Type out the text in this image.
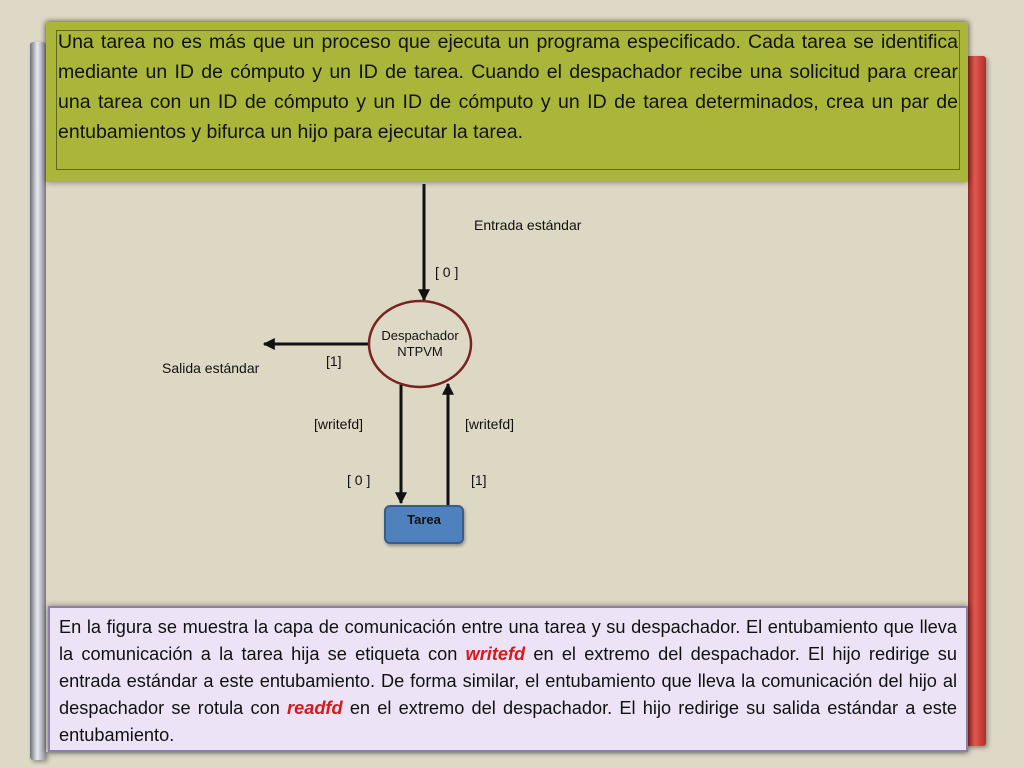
Una tarea no es más que un proceso que ejecuta un programa especificado. Cada tarea se identifica mediante un ID de cómputo y un ID de tarea. Cuando el despachador recibe una solicitud para crear una tarea con un ID de cómputo y un ID de cómputo y un ID de tarea determinados, crea un par de entubamientos y bifurca un hijo para ejecutar la tarea.
Despachador
NTPVM
Entrada estándar
[ 0 ]
Salida estándar	[1]
[writefd]	[writefd]
[ 0 ]	[1]
Tarea
En la figura se muestra la capa de comunicación entre una tarea y su despachador. El entubamiento que lleva la comunicación a la tarea hija se etiqueta con writefd en el extremo del despachador. El hijo redirige su entrada estándar a este entubamiento. De forma similar, el entubamiento que lleva la comunicación del hijo al despachador se rotula con readfd en el extremo del despachador. El hijo redirige su salida estándar a este entubamiento.
